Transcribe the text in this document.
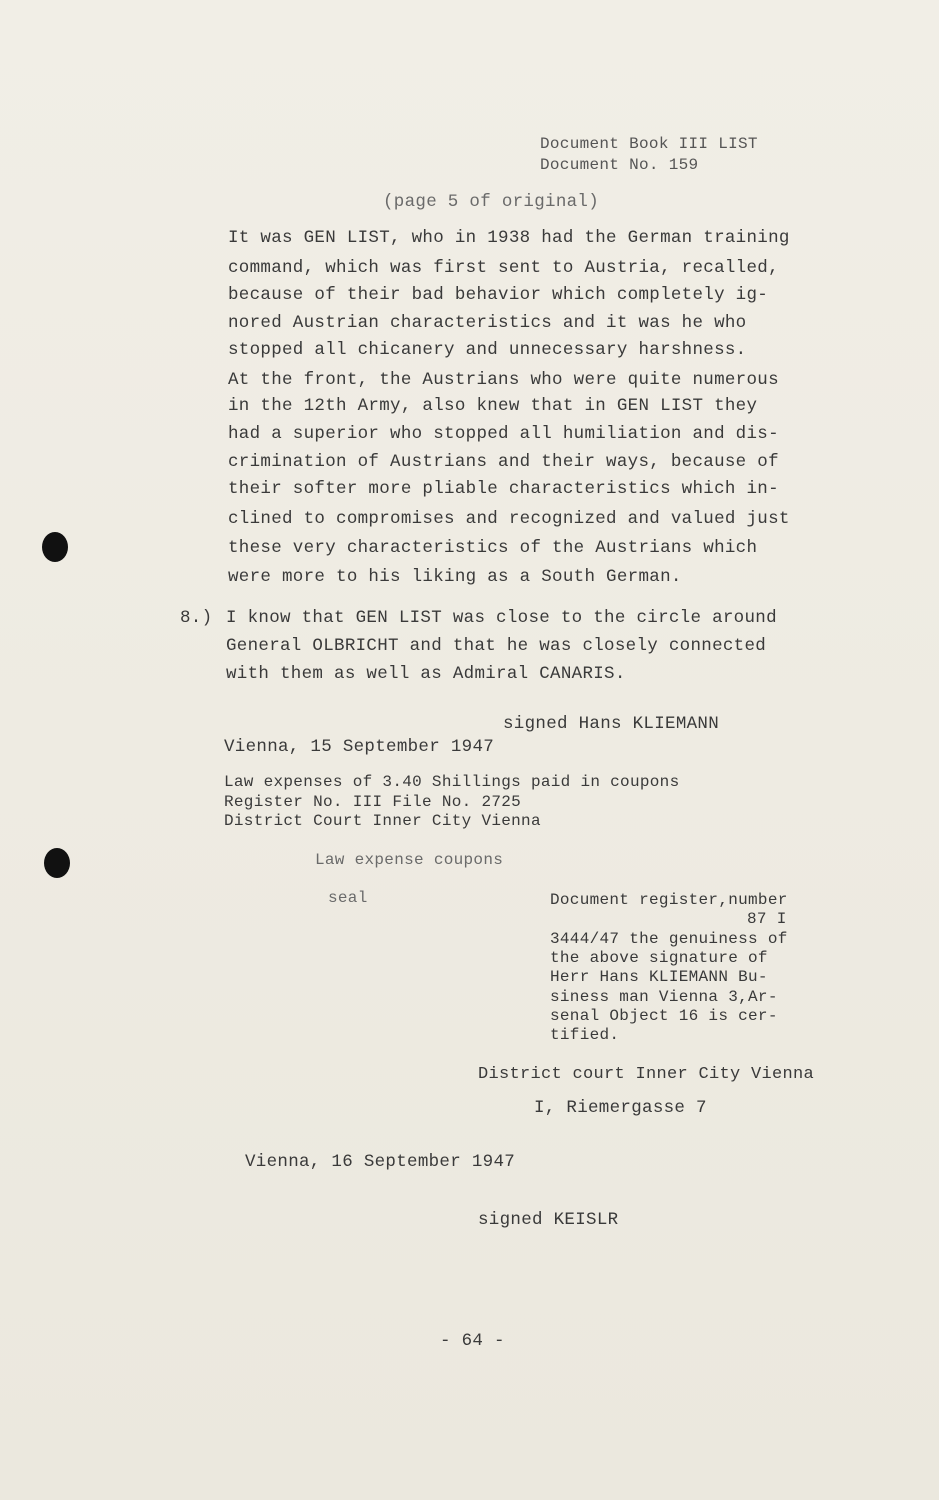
Document Book III LIST
Document No. 159
(page 5 of original)
It was GEN LIST, who in 1938 had the German training
command, which was first sent to Austria, recalled,
because of their bad behavior which completely ig-
nored Austrian characteristics and it was he who
stopped all chicanery and unnecessary harshness.
At the front, the Austrians who were quite numerous
in the 12th Army, also knew that in GEN LIST they
had a superior who stopped all humiliation and dis-
crimination of Austrians and their ways, because of
their softer more pliable characteristics which in-
clined to compromises and recognized and valued just
these very characteristics of the Austrians which
were more to his liking as a South German.
8.) I know that GEN LIST was close to the circle around
General OLBRICHT and that he was closely connected
with them as well as Admiral CANARIS.
signed Hans KLIEMANN
Vienna, 15 September 1947
Law expenses of 3.40 Shillings paid in coupons
Register No. III File No. 2725
District Court Inner City Vienna
Law expense coupons
seal	Document register,number
87 I
3444/47 the genuiness of
the above signature of
Herr Hans KLIEMANN Bu-
siness man Vienna 3,Ar-
senal Object 16 is cer-
tified.
District court Inner City Vienna
I, Riemergasse 7
Vienna, 16 September 1947
signed KEISLR
- 64 -
